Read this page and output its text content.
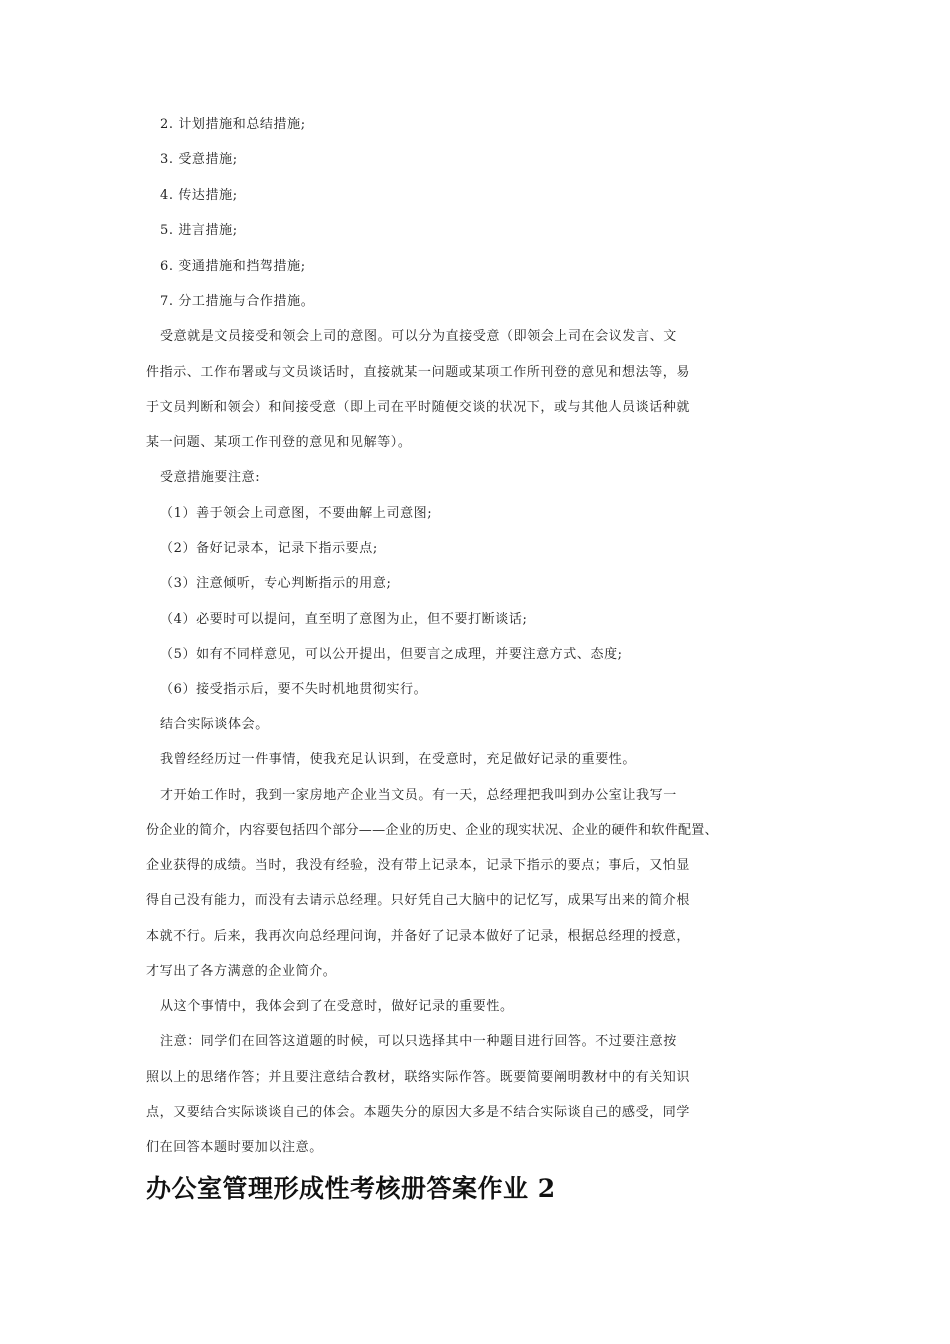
2. 计划措施和总结措施;
3. 受意措施;
4. 传达措施;
5. 进言措施;
6. 变通措施和挡驾措施;
7. 分工措施与合作措施。
受意就是文员接受和领会上司的意图。可以分为直接受意（即领会上司在会议发言、文
件指示、工作布署或与文员谈话时，直接就某一问题或某项工作所刊登的意见和想法等，易
于文员判断和领会）和间接受意（即上司在平时随便交谈的状况下，或与其他人员谈话种就
某一问题、某项工作刊登的意见和见解等）。
受意措施要注意:
（1）善于领会上司意图，不要曲解上司意图;
（2）备好记录本，记录下指示要点;
（3）注意倾听，专心判断指示的用意;
（4）必要时可以提问，直至明了意图为止，但不要打断谈话;
（5）如有不同样意见，可以公开提出，但要言之成理，并要注意方式、态度;
（6）接受指示后，要不失时机地贯彻实行。
结合实际谈体会。
我曾经经历过一件事情，使我充足认识到，在受意时，充足做好记录的重要性。
才开始工作时，我到一家房地产企业当文员。有一天，总经理把我叫到办公室让我写一
份企业的简介，内容要包括四个部分——企业的历史、企业的现实状况、企业的硬件和软件配置、
企业获得的成绩。当时，我没有经验，没有带上记录本，记录下指示的要点；事后，又怕显
得自己没有能力，而没有去请示总经理。只好凭自己大脑中的记忆写，成果写出来的简介根
本就不行。后来，我再次向总经理问询，并备好了记录本做好了记录，根据总经理的授意，
才写出了各方满意的企业简介。
从这个事情中，我体会到了在受意时，做好记录的重要性。
注意：同学们在回答这道题的时候，可以只选择其中一种题目进行回答。不过要注意按
照以上的思绪作答；并且要注意结合教材，联络实际作答。既要简要阐明教材中的有关知识
点，又要结合实际谈谈自己的体会。本题失分的原因大多是不结合实际谈自己的感受，同学
们在回答本题时要加以注意。
办公室管理形成性考核册答案作业 2
